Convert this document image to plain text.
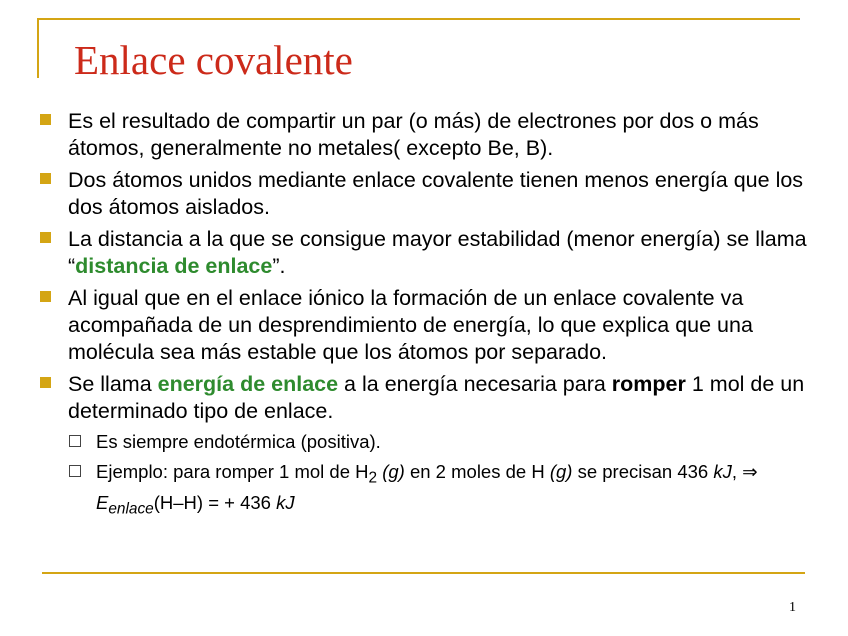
Enlace covalente
Es el resultado de compartir un par (o más) de electrones por dos o más átomos, generalmente no metales( excepto Be, B).
Dos átomos unidos mediante enlace covalente tienen menos energía que los dos átomos aislados.
La distancia a la que se consigue mayor estabilidad (menor energía) se llama “distancia de enlace”.
Al igual que en el enlace iónico la formación de un enlace covalente va acompañada de un desprendimiento de energía, lo que explica que una molécula sea más estable que los átomos por separado.
Se llama energía de enlace a la energía necesaria para romper 1 mol de un determinado tipo de enlace.
Es siempre endotérmica (positiva).
Ejemplo: para romper 1 mol de $H_2$ (g) en 2 moles de H (g) se precisan 436 kJ, ⇒ $E_{enlace}(H-H)$ = + 436 kJ
1
